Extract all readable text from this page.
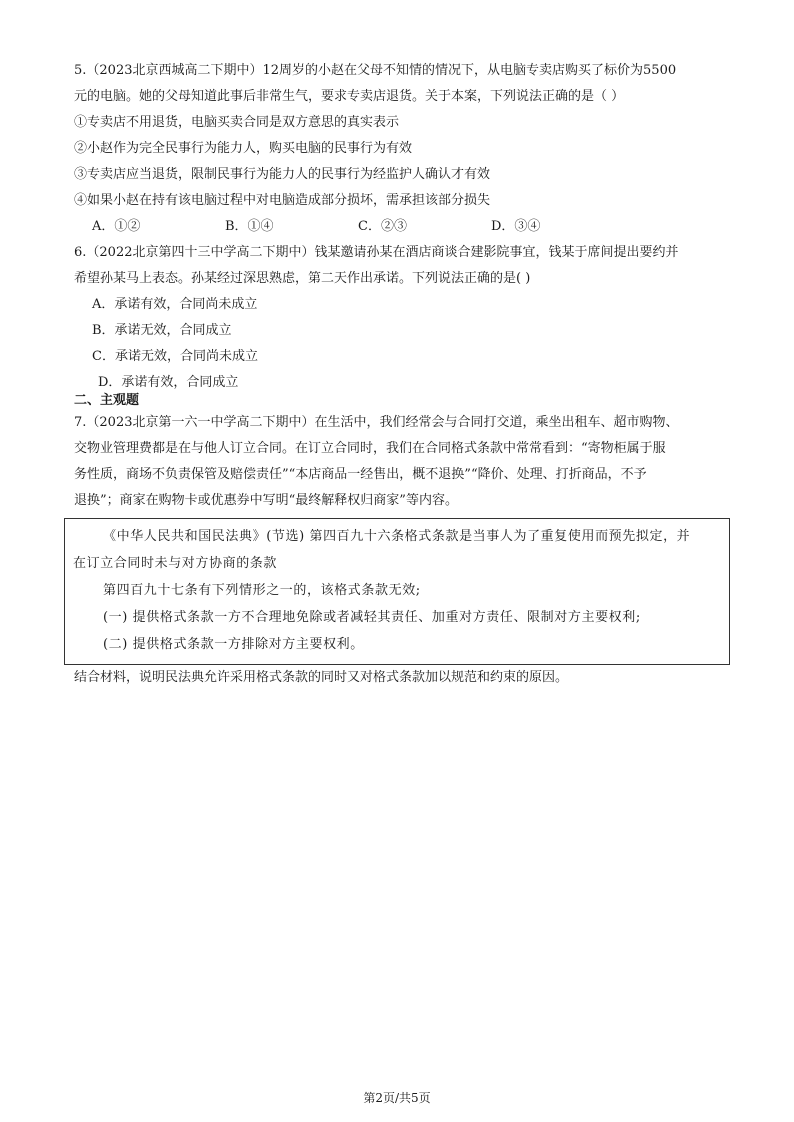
5.（2023北京西城高二下期中）12周岁的小赵在父母不知情的情况下，从电脑专卖店购买了标价为5500
元的电脑。她的父母知道此事后非常生气，要求专卖店退货。关于本案，下列说法正确的是（ ）
①专卖店不用退货，电脑买卖合同是双方意思的真实表示
②小赵作为完全民事行为能力人，购买电脑的民事行为有效
③专卖店应当退货，限制民事行为能力人的民事行为经监护人确认才有效
④如果小赵在持有该电脑过程中对电脑造成部分损坏，需承担该部分损失
A．①②	B．①④	C．②③	D．③④
6.（2022北京第四十三中学高二下期中）钱某邀请孙某在酒店商谈合建影院事宜，钱某于席间提出要约并
希望孙某马上表态。孙某经过深思熟虑，第二天作出承诺。下列说法正确的是( )
A．承诺有效，合同尚未成立
B．承诺无效，合同成立
C．承诺无效，合同尚未成立
D．承诺有效，合同成立
二、主观题
7.（2023北京第一六一中学高二下期中）在生活中，我们经常会与合同打交道，乘坐出租车、超市购物、
交物业管理费都是在与他人订立合同。在订立合同时，我们在合同格式条款中常常看到：“寄物柜属于服
务性质，商场不负责保管及赔偿责任”“本店商品一经售出，概不退换”“降价、处理、打折商品，不予
退换”；商家在购物卡或优惠券中写明“最终解释权归商家”等内容。
《中华人民共和国民法典》(节选) 第四百九十六条格式条款是当事人为了重复使用而预先拟定，并
在订立合同时未与对方协商的条款
第四百九十七条有下列情形之一的，该格式条款无效;
(一) 提供格式条款一方不合理地免除或者减轻其责任、加重对方责任、限制对方主要权利;
(二) 提供格式条款一方排除对方主要权利。
结合材料，说明民法典允许采用格式条款的同时又对格式条款加以规范和约束的原因。
第2页/共5页
